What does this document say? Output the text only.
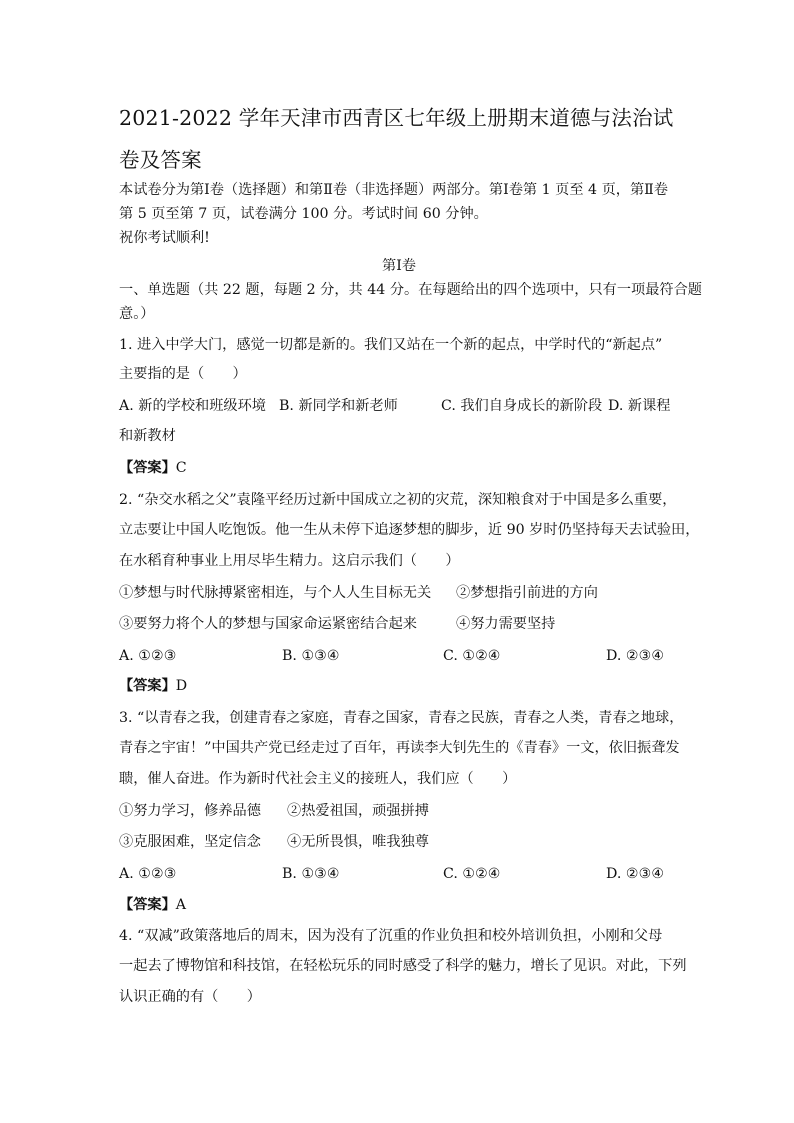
2021-2022 学年天津市西青区七年级上册期末道德与法治试
卷及答案
本试卷分为第Ⅰ卷（选择题）和第Ⅱ卷（非选择题）两部分。第Ⅰ卷第 1 页至 4 页，第Ⅱ卷
第 5 页至第 7 页，试卷满分 100 分。考试时间 60 分钟。
祝你考试顺利!
第Ⅰ卷
一、单选题（共 22 题，每题 2 分，共 44 分。在每题给出的四个选项中，只有一项最符合题
意。）
1. 进入中学大门，感觉一切都是新的。我们又站在一个新的起点，中学时代的“新起点”
主要指的是（　　）
A. 新的学校和班级环境 B. 新同学和新老师	C. 我们自身成长的新阶段 D. 新课程
和新教材
【答案】C
2. “杂交水稻之父”袁隆平经历过新中国成立之初的灾荒，深知粮食对于中国是多么重要，
立志要让中国人吃饱饭。他一生从未停下追逐梦想的脚步，近 90 岁时仍坚持每天去试验田，
在水稻育种事业上用尽毕生精力。这启示我们（　　）
①梦想与时代脉搏紧密相连，与个人人生目标无关 ②梦想指引前进的方向
③要努力将个人的梦想与国家命运紧密结合起来	④努力需要坚持
A. ①②③	B. ①③④	C. ①②④	D. ②③④
【答案】D
3. “以青春之我，创建青春之家庭，青春之国家，青春之民族，青春之人类，青春之地球，
青春之宇宙！”中国共产党已经走过了百年，再读李大钊先生的《青春》一文，依旧振聋发
聩，催人奋进。作为新时代社会主义的接班人，我们应（　　）
①努力学习，修养品德 ②热爱祖国，顽强拼搏
③克服困难，坚定信念 ④无所畏惧，唯我独尊
A. ①②③	B. ①③④	C. ①②④	D. ②③④
【答案】A
4. “双减”政策落地后的周末，因为没有了沉重的作业负担和校外培训负担，小刚和父母
一起去了博物馆和科技馆，在轻松玩乐的同时感受了科学的魅力，增长了见识。对此，下列
认识正确的有（　　）
